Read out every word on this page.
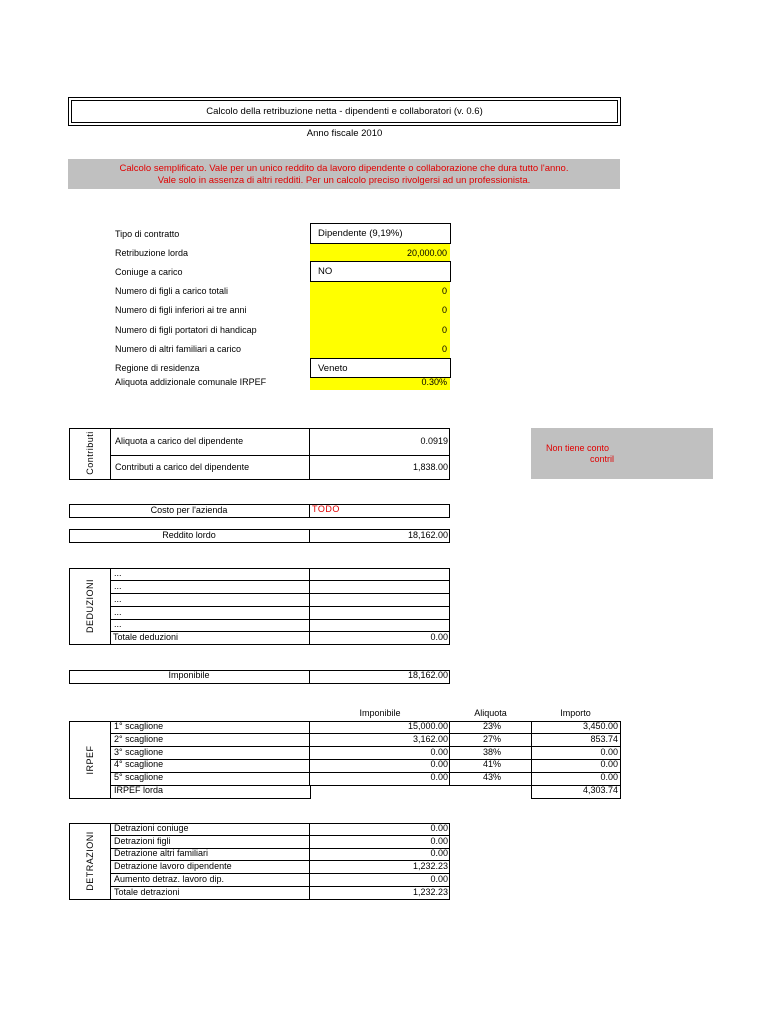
Calcolo della retribuzione netta - dipendenti e collaboratori (v. 0.6)
Anno fiscale 2010
Calcolo semplificato. Vale per un unico reddito da lavoro dipendente o collaborazione che dura tutto l'anno.
Vale solo in assenza di altri redditi. Per un calcolo preciso rivolgersi ad un professionista.
Tipo di contratto	Dipendente (9,19%)
Retribuzione lorda	20,000.00
Coniuge a carico	NO
Numero di figli a carico totali	0
Numero di figli inferiori ai tre anni	0
Numero di figli portatori di handicap	0
Numero di altri familiari a carico	0
Regione di residenza	Veneto
Aliquota addizionale comunale IRPEF	0.30%
Contributi Aliquota a carico del dipendente	0.0919
Contributi a carico del dipendente	1,838.00
Non tiene conto
contril
Costo per l'azienda	TODO
Reddito lordo	18,162.00
DEDUZIONI
...
...
...
...
...
Totale deduzioni	0.00
Imponibile	18,162.00
Imponibile	Aliquota	Importo
IRPEF
1° scaglione	15,000.00	23%	3,450.00
2° scaglione	3,162.00	27%	853.74
3° scaglione	0.00	38%	0.00
4° scaglione	0.00	41%	0.00
5° scaglione	0.00	43%	0.00
IRPEF lorda	4,303.74
DETRAZIONI
Detrazioni coniuge	0.00
Detrazioni figli	0.00
Detrazione altri familiari	0.00
Detrazione lavoro dipendente	1,232.23
Aumento detraz. lavoro dip.	0.00
Totale detrazioni	1,232.23
